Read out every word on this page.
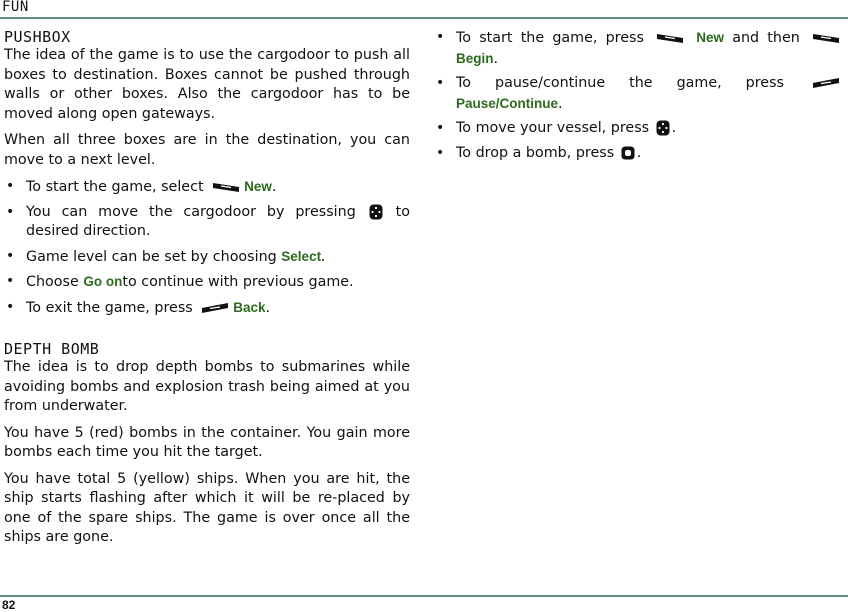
FUN
PUSHBOX

The idea of the game is to use the cargodoor to push all boxes to destination. Boxes cannot be pushed through walls or other boxes. Also the cargodoor has to be moved along open gateways.

When all three boxes are in the destination, you can move to a next level.

• To start the game, select	New.
• You can move the cargodoor by pressing	to desired direction.
• Game level can be set by choosing Select.
• Choose Go onto continue with previous game.
• To exit the game, press	Back.
DEPTH BOMB

The idea is to drop depth bombs to submarines while avoiding bombs and explosion trash being aimed at you from underwater.

You have 5 (red) bombs in the container. You gain more bombs each time you hit the target.

You have total 5 (yellow) ships. When you are hit, the ship starts flashing after which it will be re-placed by one of the spare ships. The game is over once all the ships are gone.

• To start the game, press	New and then Begin.
• To pause/continue the game, press  Pause/Continue.
• To move your vessel, press .
• To drop a bomb, press .
82
